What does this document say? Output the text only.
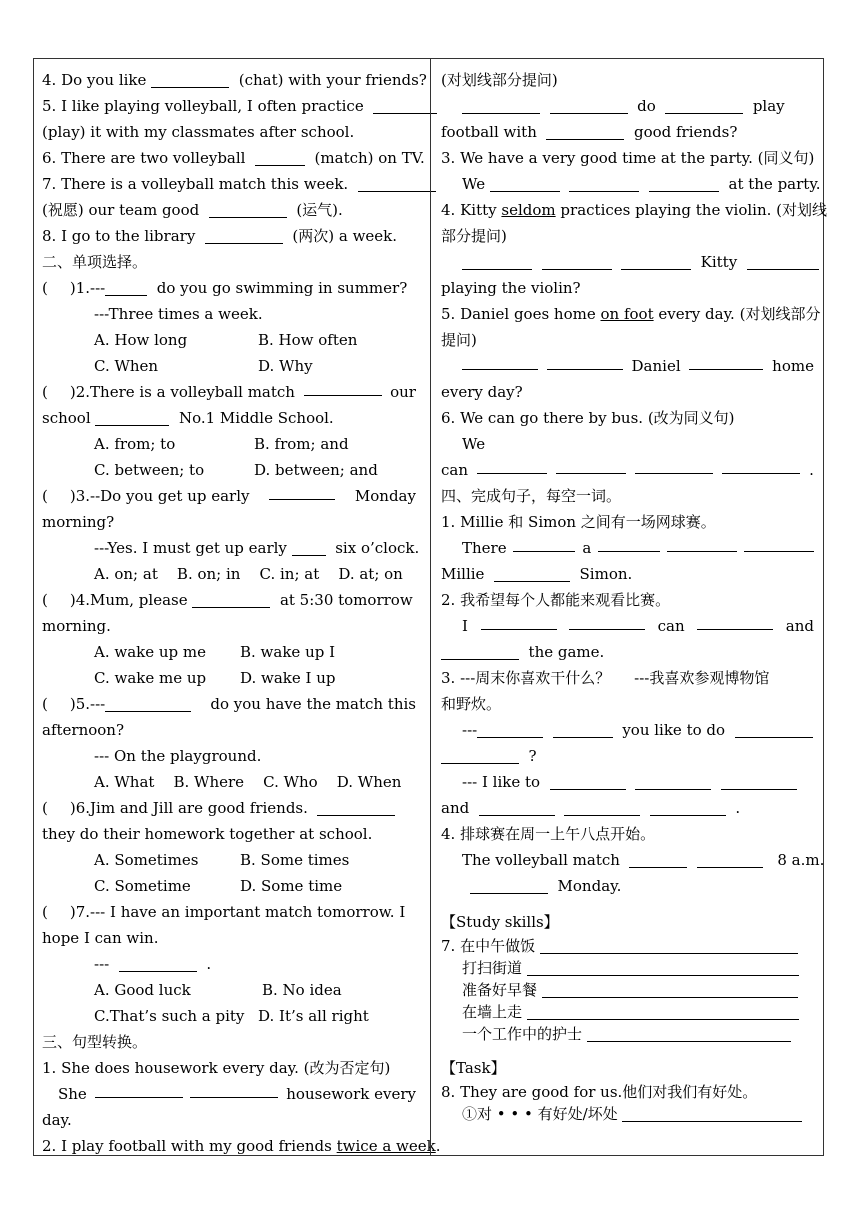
4. Do you like	(chat) with your friends?
5. I like playing volleyball, I often practice
(play) it with my classmates after school.
6. There are two volleyball	(match) on TV.
7. There is a volleyball match this week.
(祝愿) our team good	(运气).
8. I go to the library	(两次) a week.
二、单项选择。
( )1.---	do you go swimming in summer?
---Three times a week.
A. How long	B. How often
C. When	D. Why
( )2.There is a volleyball match	our
school	No.1 Middle School.
A. from; to	B. from; and
C. between; to	D. between; and
( )3.--Do you get up early	Monday
morning?
---Yes. I must get up early	six o’clock.
A. on; at    B. on; in    C. in; at    D. at; on
( )4.Mum, please	at 5:30 tomorrow
morning.
A. wake up me B. wake up I
C. wake me up D. wake I up
( )5.---	do you have the match this
afternoon?
--- On the playground.
A. What    B. Where    C. Who    D. When
( )6.Jim and Jill are good friends.
they do their homework together at school.
A. Sometimes	B. Some times
C. Sometime	D. Some time
( )7.--- I have an important match tomorrow. I
hope I can win.
---	.
A. Good luck	B. No idea
C.That’s such a pity D. It’s all right
三、句型转换。
1. She does housework every day. (改为否定句)
She	housework every
day.
2. I play football with my good friends twice a week.
(对划线部分提问)
do	play
football with	good friends?
3. We have a very good time at the party. (同义句)
We	at the party.
4. Kitty seldom practices playing the violin. (对划线
部分提问)
Kitty
playing the violin?
5. Daniel goes home on foot every day. (对划线部分
提问)
Daniel	home
every day?
6. We can go there by bus. (改为同义句)
We
can	.
四、完成句子，每空一词。
1. Millie 和 Simon 之间有一场网球赛。
There	a
Millie	Simon.
2. 我希望每个人都能来观看比赛。
I	can	and
the game.
3. ---周末你喜欢干什么？     ---我喜欢参观博物馆
和野炊。
---	you like to do
?
--- I like to
and	.
4. 排球赛在周一上午八点开始。
The volleyball match	8 a.m.
Monday.
【Study skills】
7. 在中午做饭
打扫街道
准备好早餐
在墙上走
一个工作中的护士
【Task】
8. They are good for us.他们对我们有好处。
①对 • • • 有好处/坏处
